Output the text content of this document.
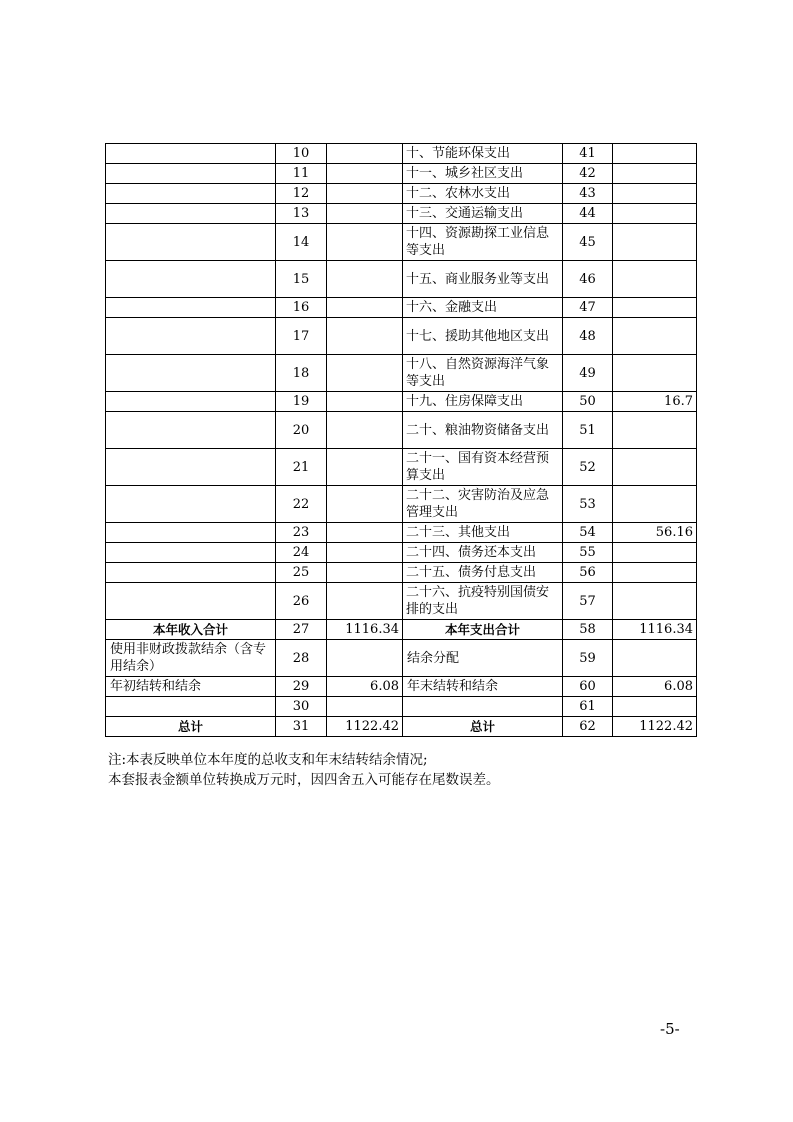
	10		十、节能环保支出	41	
	11		十一、城乡社区支出	42	
	12		十二、农林水支出	43	
	13		十三、交通运输支出	44	
	14		十四、资源勘探工业信息等支出	45	
	15		十五、商业服务业等支出	46	
	16		十六、金融支出	47	
	17		十七、援助其他地区支出	48	
	18		十八、自然资源海洋气象等支出	49	
	19		十九、住房保障支出	50	16.7
	20		二十、粮油物资储备支出	51	
	21		二十一、国有资本经营预算支出	52	
	22		二十二、灾害防治及应急管理支出	53	
	23		二十三、其他支出	54	56.16
	24		二十四、债务还本支出	55	
	25		二十五、债务付息支出	56	
	26		二十六、抗疫特别国债安排的支出	57	
本年收入合计	27	1116.34	本年支出合计	58	1116.34
使用非财政拨款结余（含专用结余）	28		结余分配	59	
年初结转和结余	29	6.08	年末结转和结余	60	6.08
	30			61	
总计	31	1122.42	总计	62	1122.42
注:本表反映单位本年度的总收支和年末结转结余情况;
本套报表金额单位转换成万元时，因四舍五入可能存在尾数误差。
-5-
